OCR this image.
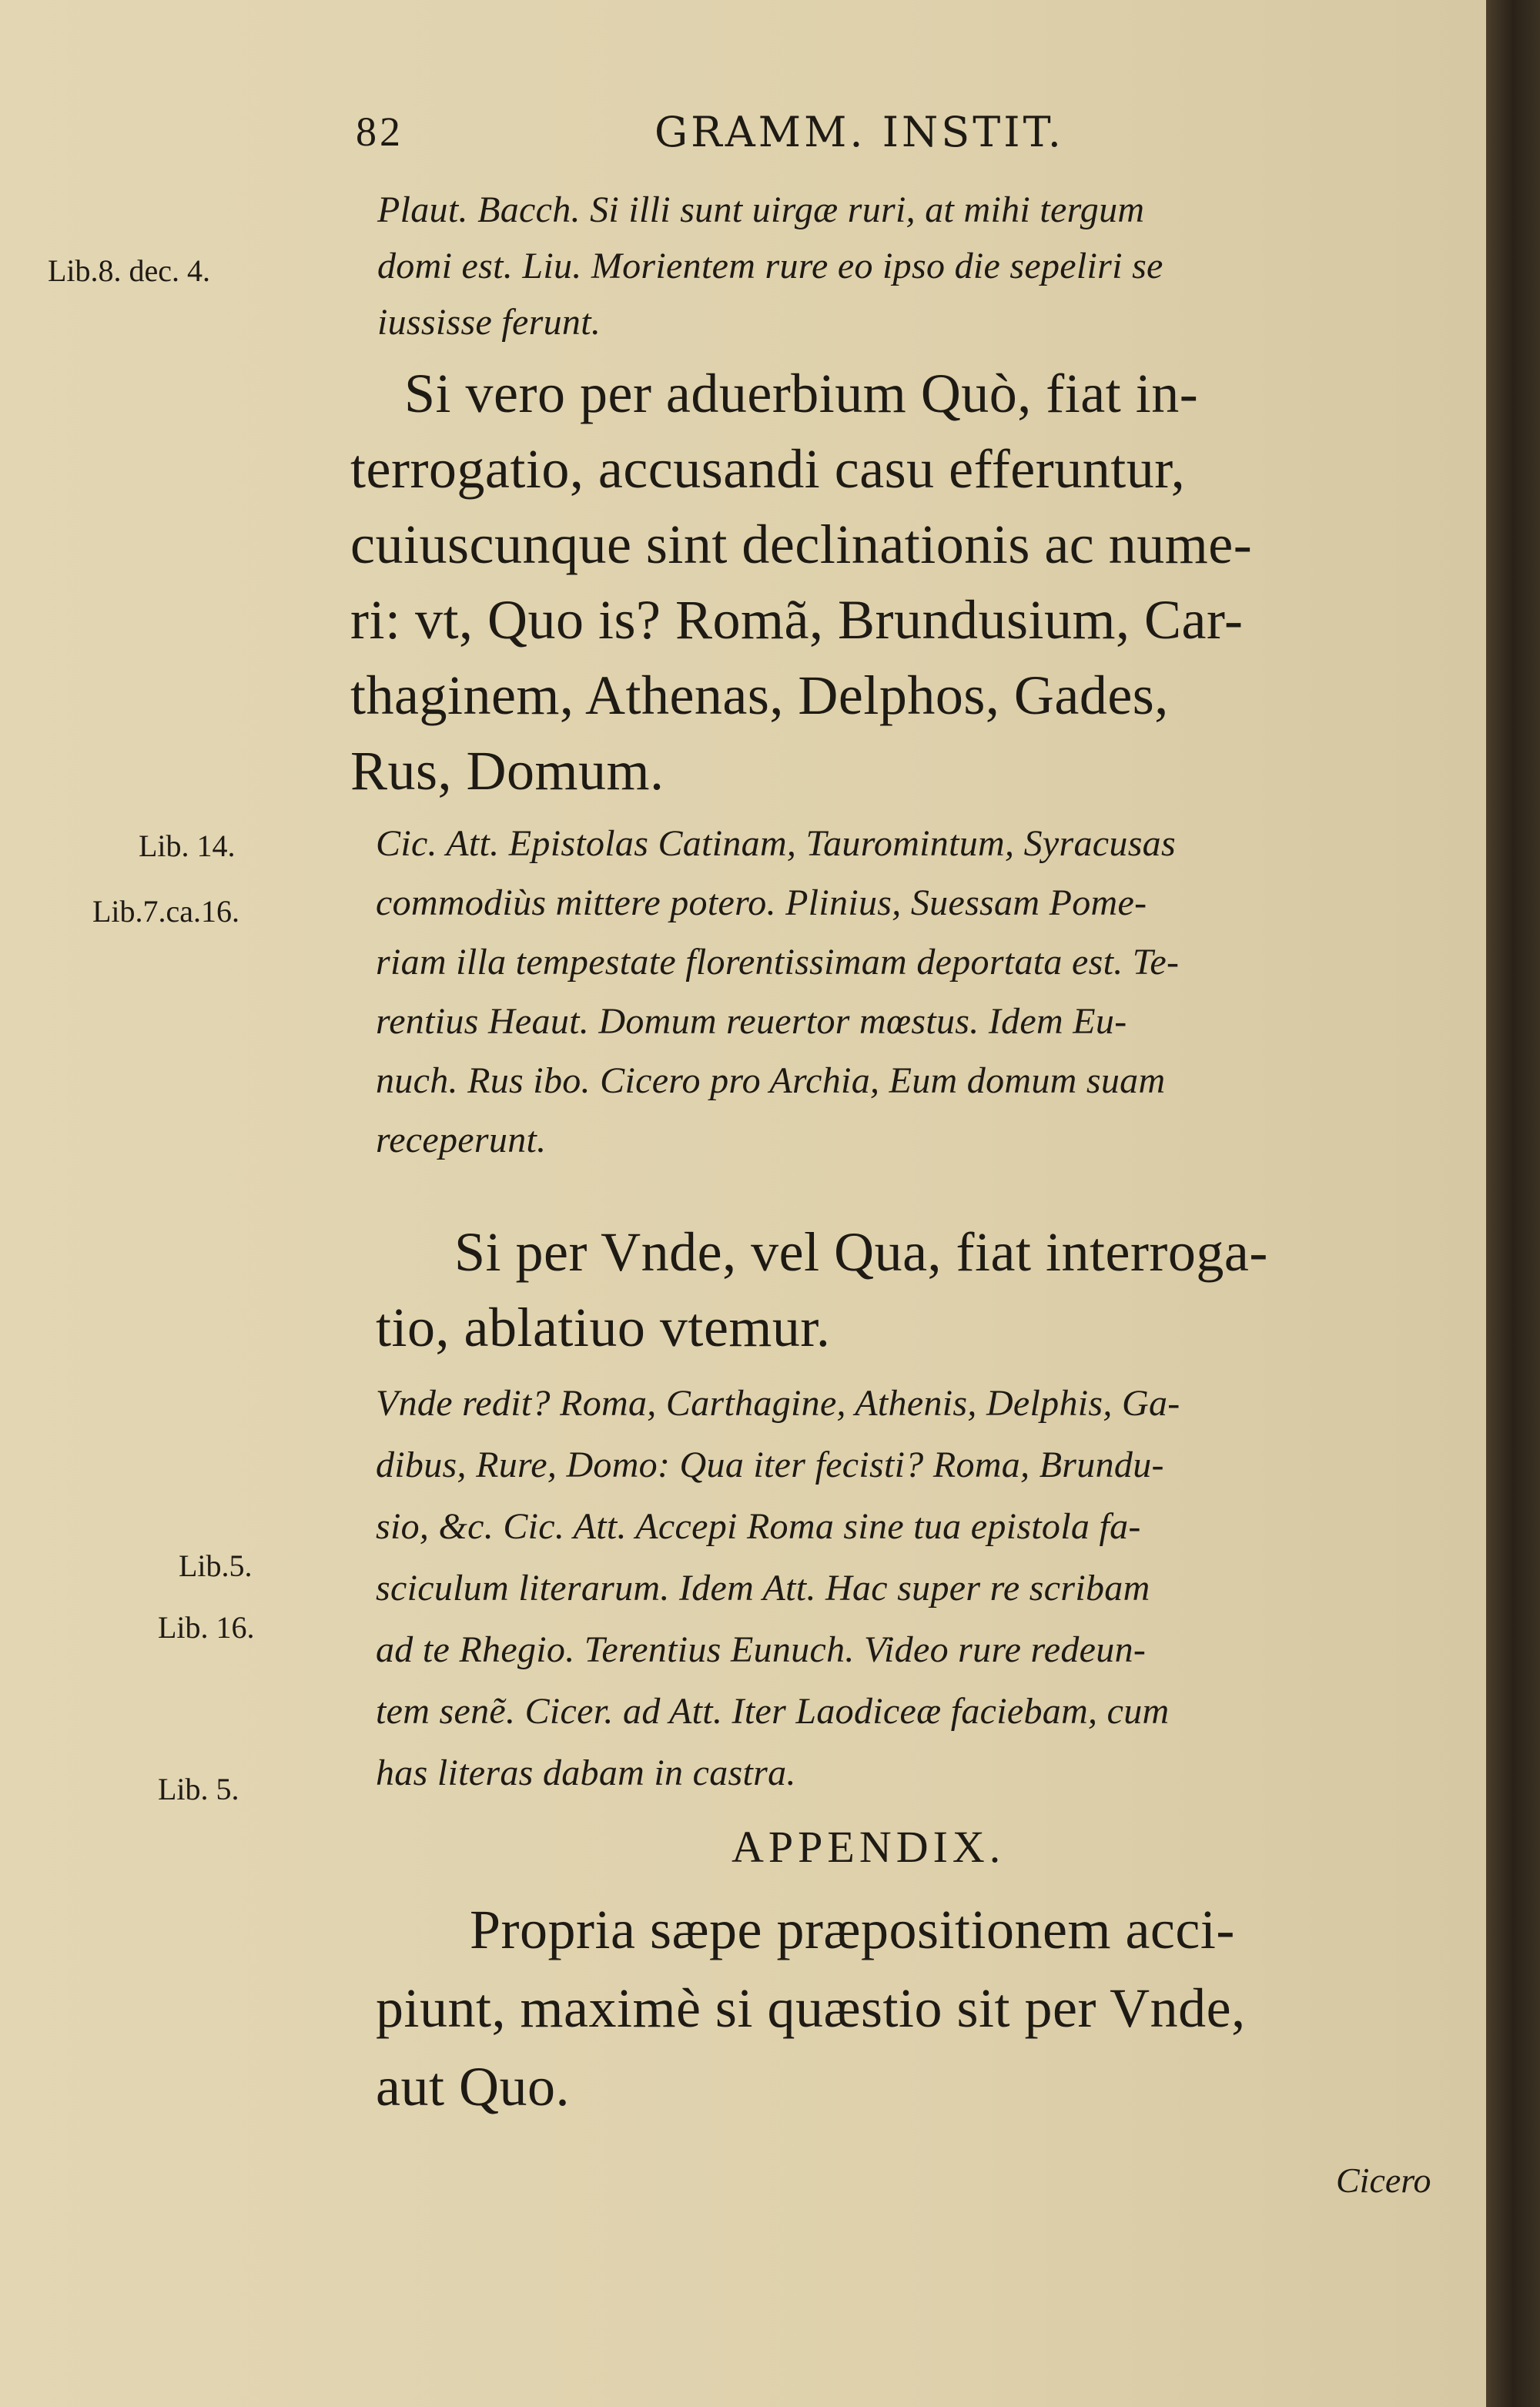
82	GRAMM. INSTIT.
Plaut. Bacch. Si illi sunt uirgæ ruri, at mihi tergum
domi est. Liu. Morientem rure eo ipso die sepeliri se
iussisse ferunt.
Si vero per aduerbium Quò, fiat in-
terrogatio, accusandi casu efferuntur,
cuiuscunque sint declinationis ac nume-
ri: vt, Quo is? Romã, Brundusium, Car-
thaginem, Athenas, Delphos, Gades,
Rus, Domum.
Cic. Att. Epistolas Catinam, Tauromintum, Syracusas
commodiùs mittere potero. Plinius, Suessam Pome-
riam illa tempestate florentissimam deportata est. Te-
rentius Heaut. Domum reuertor mœstus. Idem Eu-
nuch. Rus ibo. Cicero pro Archia, Eum domum suam
receperunt.
Si per Vnde, vel Qua, fiat interroga-
tio, ablatiuo vtemur.
Vnde redit? Roma, Carthagine, Athenis, Delphis, Ga-
dibus, Rure, Domo: Qua iter fecisti? Roma, Brundu-
sio, &c. Cic. Att. Accepi Roma sine tua epistola fa-
sciculum literarum. Idem Att. Hac super re scribam
ad te Rhegio. Terentius Eunuch. Video rure redeun-
tem senẽ. Cicer. ad Att. Iter Laodiceæ faciebam, cum
has literas dabam in castra.
APPENDIX.
Propria sæpe præpositionem acci-
piunt, maximè si quæstio sit per Vnde,
aut Quo.
Cicero
Lib.8. dec. 4.
Lib. 14.
Lib.7.ca.16.
Lib.5.
Lib. 16.
Lib. 5.
